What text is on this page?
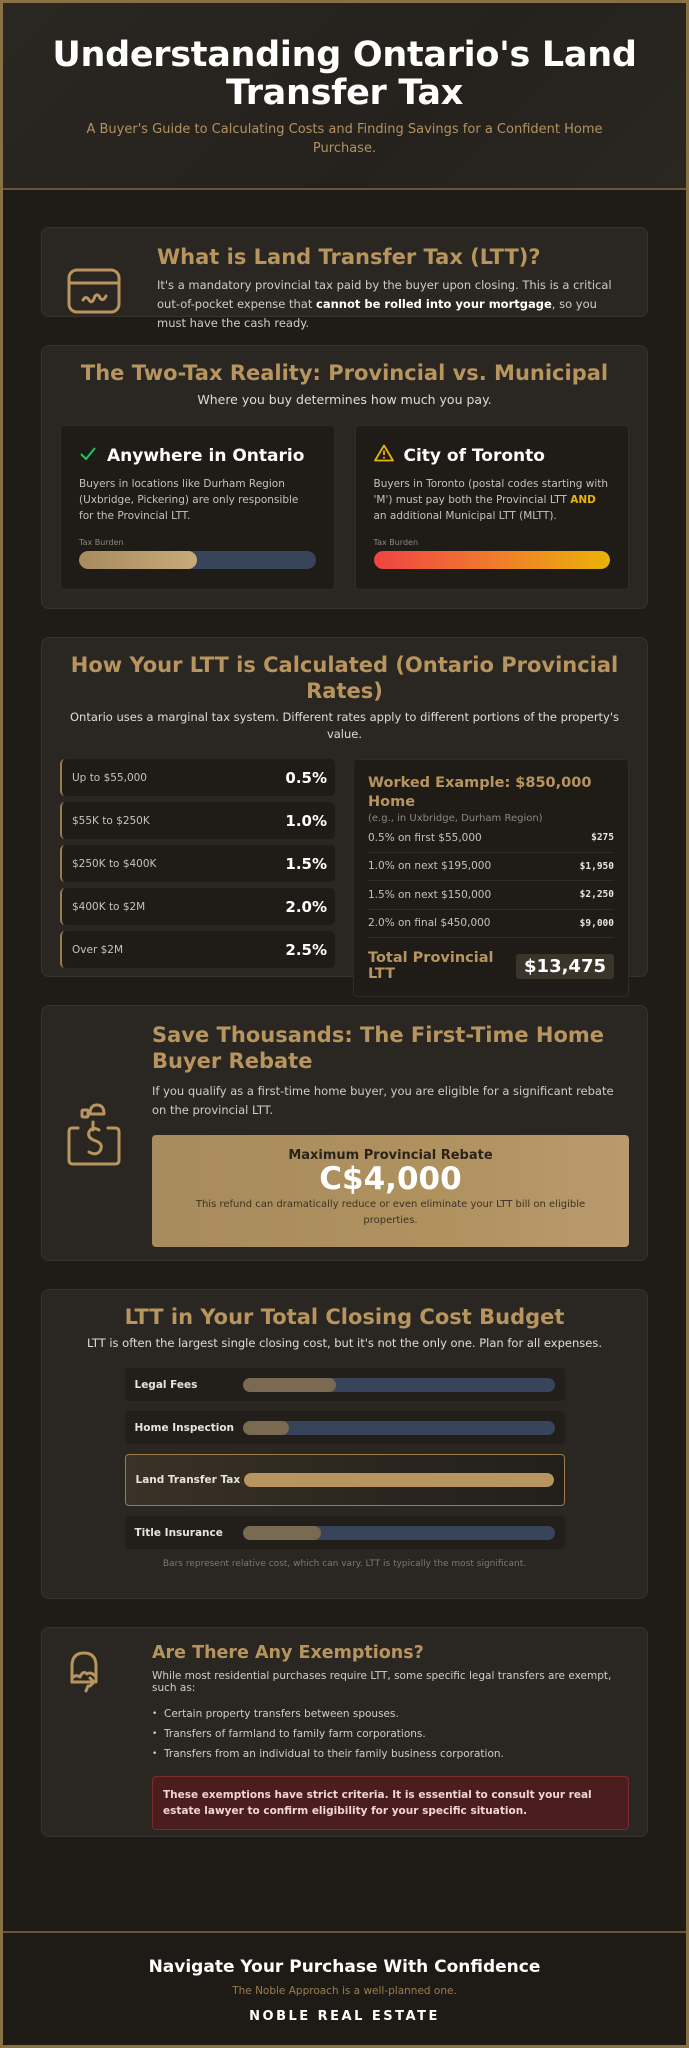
Understanding Ontario's Land Transfer Tax

A Buyer's Guide to Calculating Costs and Finding Savings for a Confident Home Purchase.

What is Land Transfer Tax (LTT)?

It's a mandatory provincial tax paid by the buyer upon closing. This is a critical out-of-pocket expense that cannot be rolled into your mortgage, so you must have the cash ready.

The Two-Tax Reality: Provincial vs. Municipal

Where you buy determines how much you pay.

Anywhere in Ontario

Buyers in locations like Durham Region (Uxbridge, Pickering) are only responsible for the Provincial LTT.

Tax Burden
City of Toronto

Buyers in Toronto (postal codes starting with 'M') must pay both the Provincial LTT AND an additional Municipal LTT (MLTT).

Tax Burden
How Your LTT is Calculated (Ontario Provincial Rates)

Ontario uses a marginal tax system. Different rates apply to different portions of the property's value.

Up to $55,000	0.5%
$55K to $250K	1.0%
$250K to $400K	1.5%
$400K to $2M	2.0%
Over $2M	2.5%
Worked Example: $850,000 Home
(e.g., in Uxbridge, Durham Region)
0.5% on first $55,000	$275
1.0% on next $195,000	$1,950
1.5% on next $150,000	$2,250
2.0% on final $450,000	$9,000
Total Provincial LTT	$13,475
Save Thousands: The First-Time Home Buyer Rebate

If you qualify as a first-time home buyer, you are eligible for a significant rebate on the provincial LTT.

Maximum Provincial Rebate
C$4,000
This refund can dramatically reduce or even eliminate your LTT bill on eligible properties.
LTT in Your Total Closing Cost Budget

LTT is often the largest single closing cost, but it's not the only one. Plan for all expenses.

Legal Fees
Home Inspection
Land Transfer Tax
Title Insurance

Bars represent relative cost, which can vary. LTT is typically the most significant.

Are There Any Exemptions?

While most residential purchases require LTT, some specific legal transfers are exempt, such as:

• Certain property transfers between spouses.
• Transfers of farmland to family farm corporations.
• Transfers from an individual to their family business corporation.
These exemptions have strict criteria. It is essential to consult your real estate lawyer to confirm eligibility for your specific situation.
Navigate Your Purchase With Confidence
The Noble Approach is a well-planned one.
NOBLE REAL ESTATE
